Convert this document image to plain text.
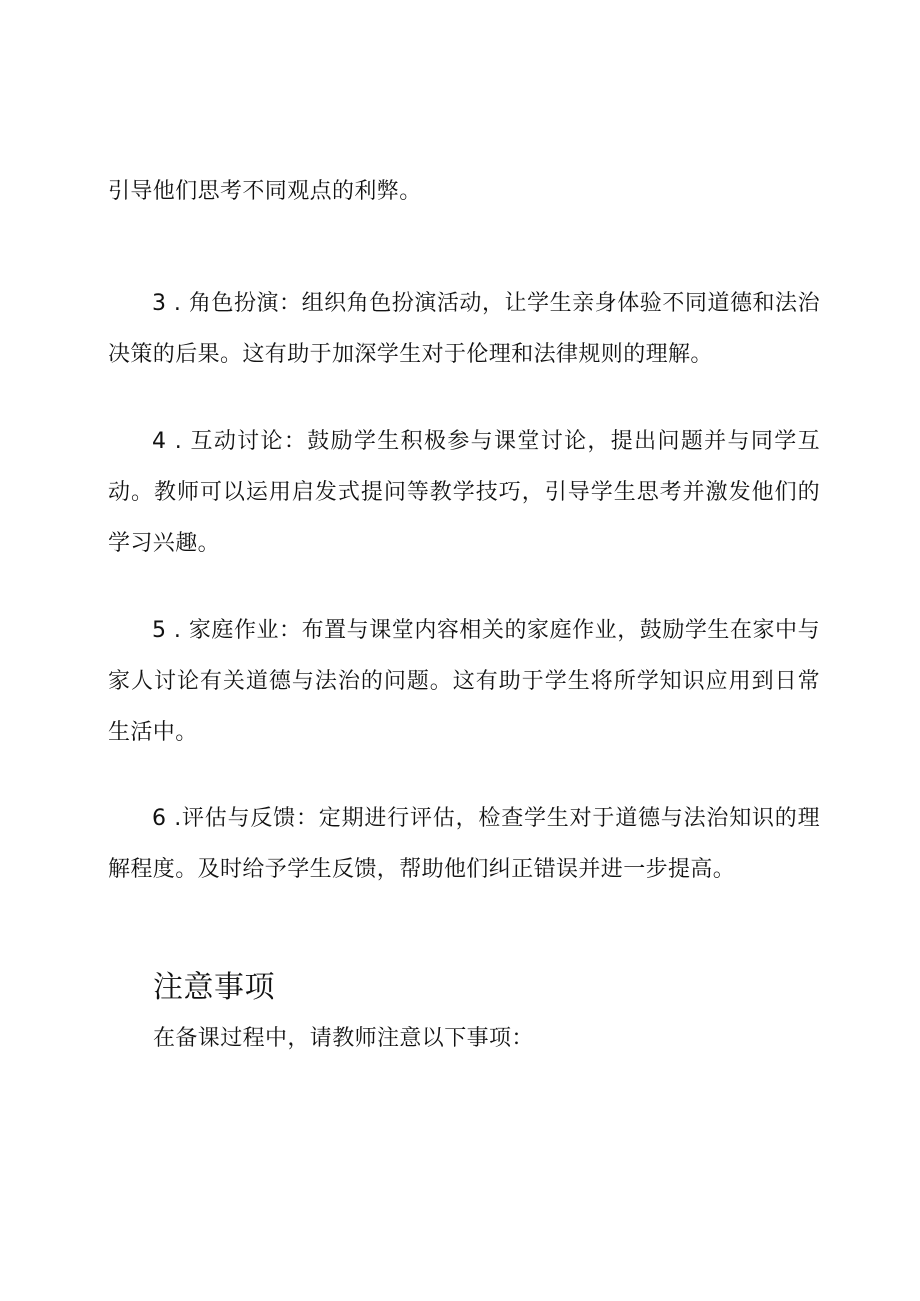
引导他们思考不同观点的利弊。

3 . 角色扮演：组织角色扮演活动，让学生亲身体验不同道德和法治决策的后果。这有助于加深学生对于伦理和法律规则的理解。

4 . 互动讨论：鼓励学生积极参与课堂讨论，提出问题并与同学互动。教师可以运用启发式提问等教学技巧，引导学生思考并激发他们的学习兴趣。

5 . 家庭作业：布置与课堂内容相关的家庭作业，鼓励学生在家中与家人讨论有关道德与法治的问题。这有助于学生将所学知识应用到日常生活中。

6 .评估与反馈：定期进行评估，检查学生对于道德与法治知识的理解程度。及时给予学生反馈，帮助他们纠正错误并进一步提高。

注意事项

在备课过程中，请教师注意以下事项：
